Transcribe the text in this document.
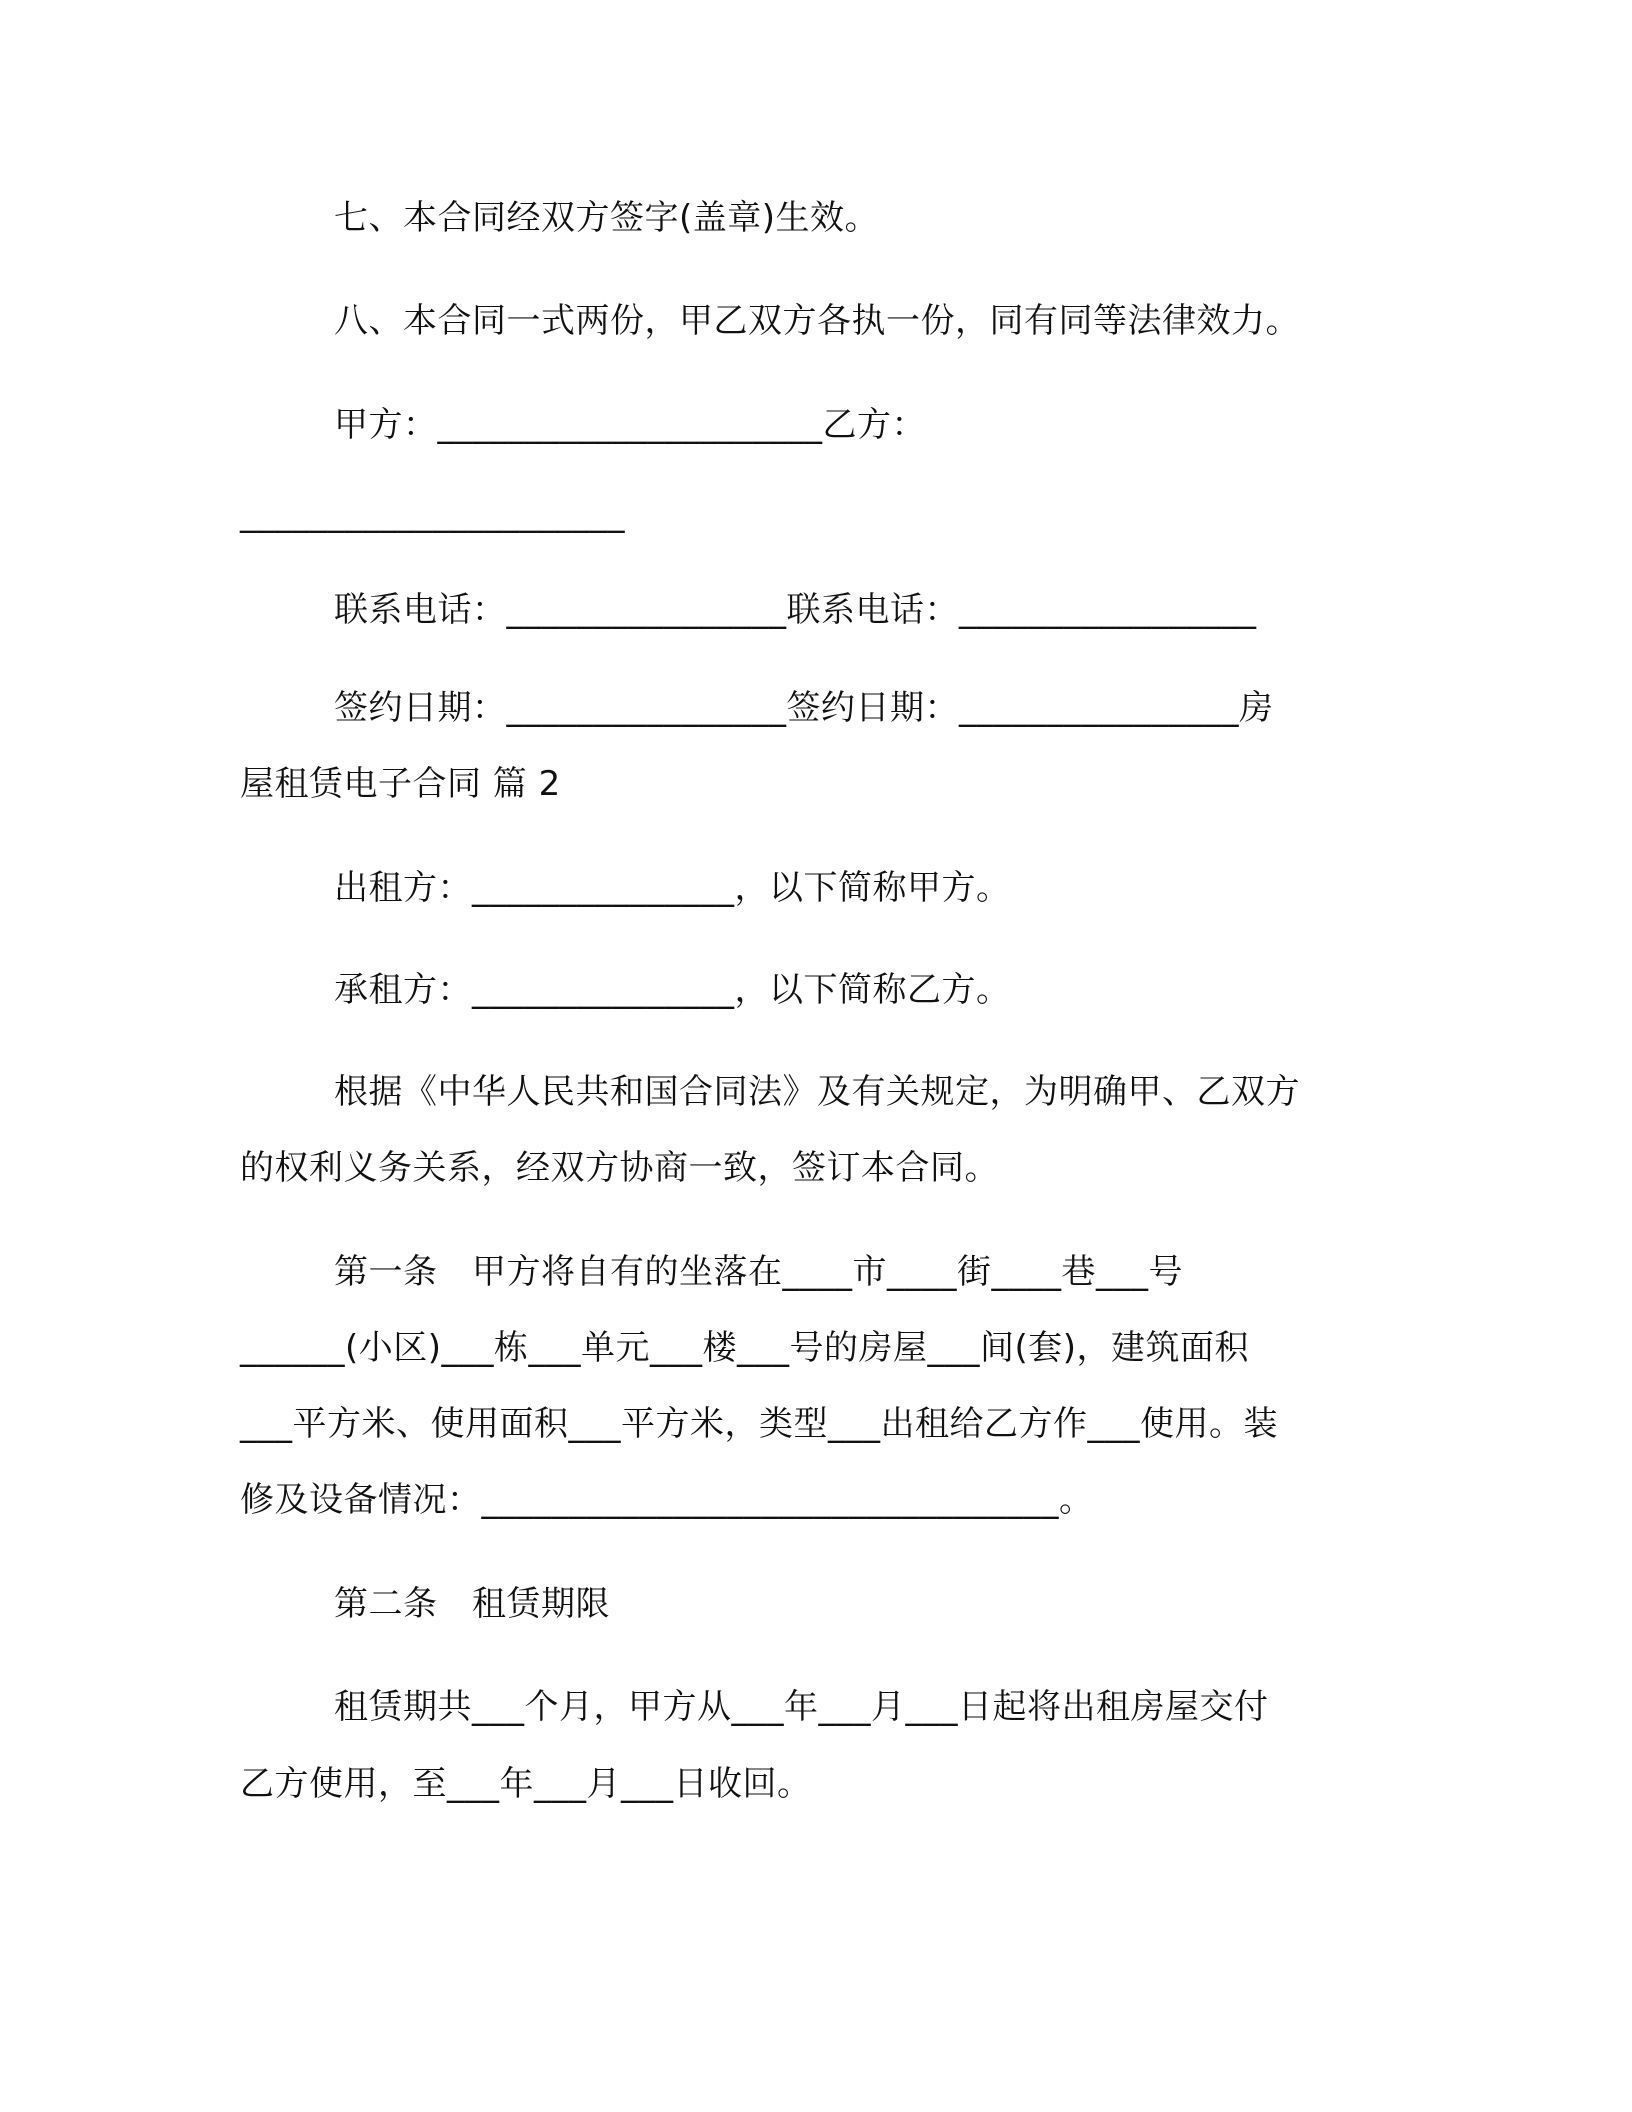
七、本合同经双方签字(盖章)生效。
八、本合同一式两份，甲乙双方各执一份，同有同等法律效力。
甲方：______________________乙方：
______________________
联系电话：________________联系电话：_________________
签约日期：________________签约日期：________________房
屋租赁电子合同 篇 2
出租方：_______________，以下简称甲方。
承租方：_______________，以下简称乙方。
根据《中华人民共和国合同法》及有关规定，为明确甲、乙双方
的权利义务关系，经双方协商一致，签订本合同。
第一条　甲方将自有的坐落在____市____街____巷___号
______(小区)___栋___单元___楼___号的房屋___间(套)，建筑面积
___平方米、使用面积___平方米，类型___出租给乙方作___使用。装
修及设备情况：_________________________________。
第二条　租赁期限
租赁期共___个月，甲方从___年___月___日起将出租房屋交付
乙方使用，至___年___月___日收回。
